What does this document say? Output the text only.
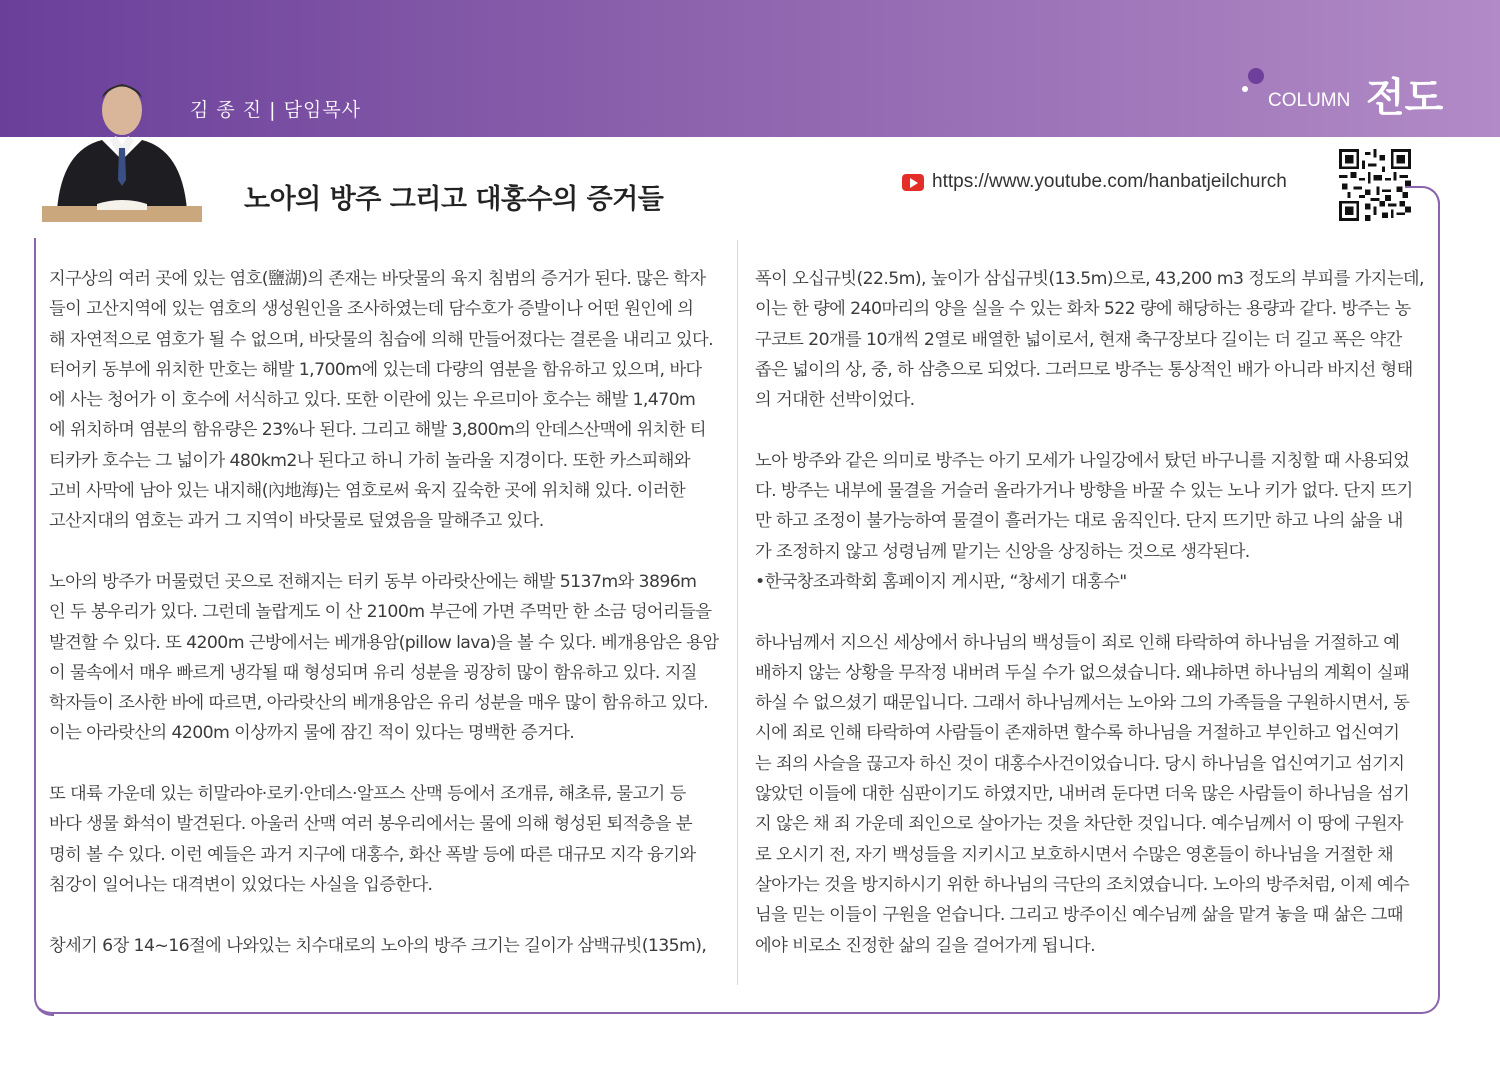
김 종 진 | 담임목사	COLUMN 전도
노아의 방주 그리고 대홍수의 증거들
https://www.youtube.com/hanbatjeilchurch

지구상의 여러 곳에 있는 염호(鹽湖)의 존재는 바닷물의 육지 침범의 증거가 된다. 많은 학자

들이 고산지역에 있는 염호의 생성원인을 조사하였는데 담수호가 증발이나 어떤 원인에 의

해 자연적으로 염호가 될 수 없으며, 바닷물의 침습에 의해 만들어졌다는 결론을 내리고 있다.

터어키 동부에 위치한 만호는 해발 1,700m에 있는데 다량의 염분을 함유하고 있으며, 바다

에 사는 청어가 이 호수에 서식하고 있다. 또한 이란에 있는 우르미아 호수는 해발 1,470m

에 위치하며 염분의 함유량은 23%나 된다. 그리고 해발 3,800m의 안데스산맥에 위치한 티

티카카 호수는 그 넓이가 480km2나 된다고 하니 가히 놀라울 지경이다. 또한 카스피해와

고비 사막에 남아 있는 내지해(內地海)는 염호로써 육지 깊숙한 곳에 위치해 있다. 이러한

고산지대의 염호는 과거 그 지역이 바닷물로 덮였음을 말해주고 있다.

노아의 방주가 머물렀던 곳으로 전해지는 터키 동부 아라랏산에는 해발 5137m와 3896m

인 두 봉우리가 있다. 그런데 놀랍게도 이 산 2100m 부근에 가면 주먹만 한 소금 덩어리들을

발견할 수 있다. 또 4200m 근방에서는 베개용암(pillow lava)을 볼 수 있다. 베개용암은 용암

이 물속에서 매우 빠르게 냉각될 때 형성되며 유리 성분을 굉장히 많이 함유하고 있다. 지질

학자들이 조사한 바에 따르면, 아라랏산의 베개용암은 유리 성분을 매우 많이 함유하고 있다.

이는 아라랏산의 4200m 이상까지 물에 잠긴 적이 있다는 명백한 증거다.

또 대륙 가운데 있는 히말라야·로키·안데스·알프스 산맥 등에서 조개류, 해초류, 물고기 등

바다 생물 화석이 발견된다. 아울러 산맥 여러 봉우리에서는 물에 의해 형성된 퇴적층을 분

명히 볼 수 있다. 이런 예들은 과거 지구에 대홍수, 화산 폭발 등에 따른 대규모 지각 융기와

침강이 일어나는 대격변이 있었다는 사실을 입증한다.

창세기 6장 14~16절에 나와있는 치수대로의 노아의 방주 크기는 길이가 삼백규빗(135m),

폭이 오십규빗(22.5m), 높이가 삼십규빗(13.5m)으로, 43,200 m3 정도의 부피를 가지는데,

이는 한 량에 240마리의 양을 실을 수 있는 화차 522 량에 해당하는 용량과 같다. 방주는 농

구코트 20개를 10개씩 2열로 배열한 넓이로서, 현재 축구장보다 길이는 더 길고 폭은 약간

좁은 넓이의 상, 중, 하 삼층으로 되었다. 그러므로 방주는 통상적인 배가 아니라 바지선 형태

의 거대한 선박이었다.

노아 방주와 같은 의미로 방주는 아기 모세가 나일강에서 탔던 바구니를 지칭할 때 사용되었

다. 방주는 내부에 물결을 거슬러 올라가거나 방향을 바꿀 수 있는 노나 키가 없다. 단지 뜨기

만 하고 조정이 불가능하여 물결이 흘러가는 대로 움직인다. 단지 뜨기만 하고 나의 삶을 내

가 조정하지 않고 성령님께 맡기는 신앙을 상징하는 것으로 생각된다.

•한국창조과학회 홈페이지 게시판, “창세기 대홍수"

하나님께서 지으신 세상에서 하나님의 백성들이 죄로 인해 타락하여 하나님을 거절하고 예

배하지 않는 상황을 무작정 내버려 두실 수가 없으셨습니다. 왜냐하면 하나님의 계획이 실패

하실 수 없으셨기 때문입니다. 그래서 하나님께서는 노아와 그의 가족들을 구원하시면서, 동

시에 죄로 인해 타락하여 사람들이 존재하면 할수록 하나님을 거절하고 부인하고 업신여기

는 죄의 사슬을 끊고자 하신 것이 대홍수사건이었습니다. 당시 하나님을 업신여기고 섬기지

않았던 이들에 대한 심판이기도 하였지만, 내버려 둔다면 더욱 많은 사람들이 하나님을 섬기

지 않은 채 죄 가운데 죄인으로 살아가는 것을 차단한 것입니다. 예수님께서 이 땅에 구원자

로 오시기 전, 자기 백성들을 지키시고 보호하시면서 수많은 영혼들이 하나님을 거절한 채

살아가는 것을 방지하시기 위한 하나님의 극단의 조치였습니다. 노아의 방주처럼, 이제 예수

님을 믿는 이들이 구원을 얻습니다. 그리고 방주이신 예수님께 삶을 맡겨 놓을 때 삶은 그때

에야 비로소 진정한 삶의 길을 걸어가게 됩니다.
